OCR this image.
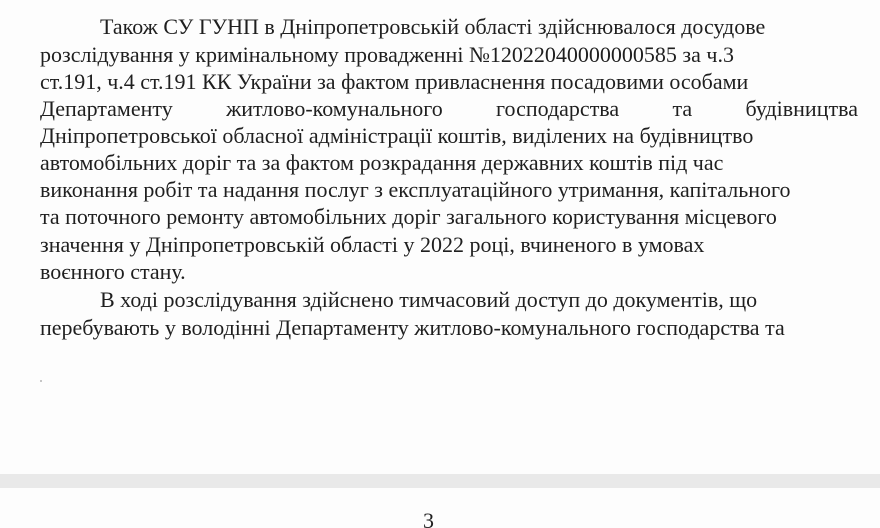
Також СУ ГУНП в Дніпропетровській області здійснювалося досудове

розслідування у кримінальному провадженні №12022040000000585 за ч.3

ст.191, ч.4 ст.191 КК України за фактом привласнення посадовими особами

Департаменту житлово-комунального господарства та будівництва

Дніпропетровської обласної адміністрації коштів, виділених на будівництво

автомобільних доріг та за фактом розкрадання державних коштів під час

виконання робіт та надання послуг з експлуатаційного утримання, капітального

та поточного ремонту автомобільних доріг загального користування місцевого

значення у Дніпропетровській області у 2022 році, вчиненого в умовах

воєнного стану.

В ході розслідування здійснено тимчасовий доступ до документів, що

перебувають у володінні Департаменту житлово-комунального господарства та

3
